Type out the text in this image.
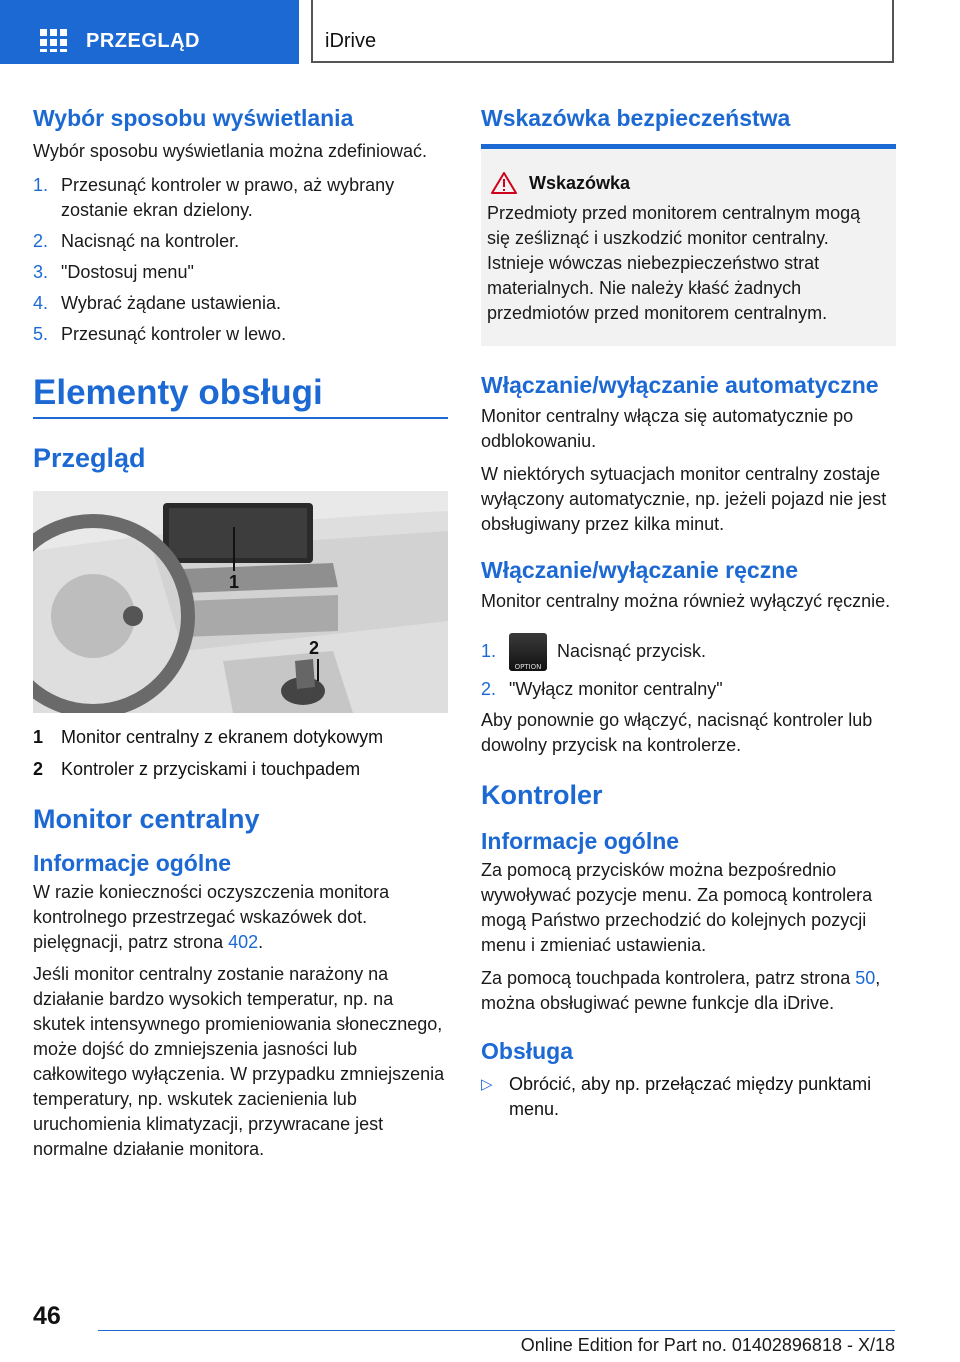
PRZEGLĄD	iDrive
Wybór sposobu wyświetlania

Wybór sposobu wyświetlania można zdefiniować.

1. Przesunąć kontroler w prawo, aż wybrany zostanie ekran dzielony.
2. Nacisnąć na kontroler.
3. "Dostosuj menu"
4. Wybrać żądane ustawienia.
5. Przesunąć kontroler w lewo.
Elementy obsługi
Przegląd
1
2
1 Monitor centralny z ekranem dotykowym
2 Kontroler z przyciskami i touchpadem
Monitor centralny
Informacje ogólne

W razie konieczności oczyszczenia monitora kontrolnego przestrzegać wskazówek dot. pielęgnacji, patrz strona 402.

Jeśli monitor centralny zostanie narażony na działanie bardzo wysokich temperatur, np. na skutek intensywnego promieniowania słonecznego, może dojść do zmniejszenia jasności lub całkowitego wyłączenia. W przypadku zmniejszenia temperatury, np. wskutek zacienienia lub uruchomienia klimatyzacji, przywracane jest normalne działanie monitora.

Wskazówka bezpieczeństwa
Wskazówka

Przedmioty przed monitorem centralnym mogą się ześliznąć i uszkodzić monitor centralny. Istnieje wówczas niebezpieczeństwo strat materialnych. Nie należy kłaść żadnych przedmiotów przed monitorem centralnym.

Włączanie/wyłączanie automatyczne

Monitor centralny włącza się automatycznie po odblokowaniu.

W niektórych sytuacjach monitor centralny zostaje wyłączony automatycznie, np. jeżeli pojazd nie jest obsługiwany przez kilka minut.

Włączanie/wyłączanie ręczne

Monitor centralny można również wyłączyć ręcznie.

1.
OPTION
Nacisnąć przycisk.
2. "Wyłącz monitor centralny"

Aby ponownie go włączyć, nacisnąć kontroler lub dowolny przycisk na kontrolerze.

Kontroler
Informacje ogólne

Za pomocą przycisków można bezpośrednio wywoływać pozycje menu. Za pomocą kontrolera mogą Państwo przechodzić do kolejnych pozycji menu i zmieniać ustawienia.

Za pomocą touchpada kontrolera, patrz strona 50, można obsługiwać pewne funkcje dla iDrive.

Obsługa
▷ Obrócić, aby np. przełączać między punktami menu.
46
Online Edition for Part no. 01402896818 - X/18
